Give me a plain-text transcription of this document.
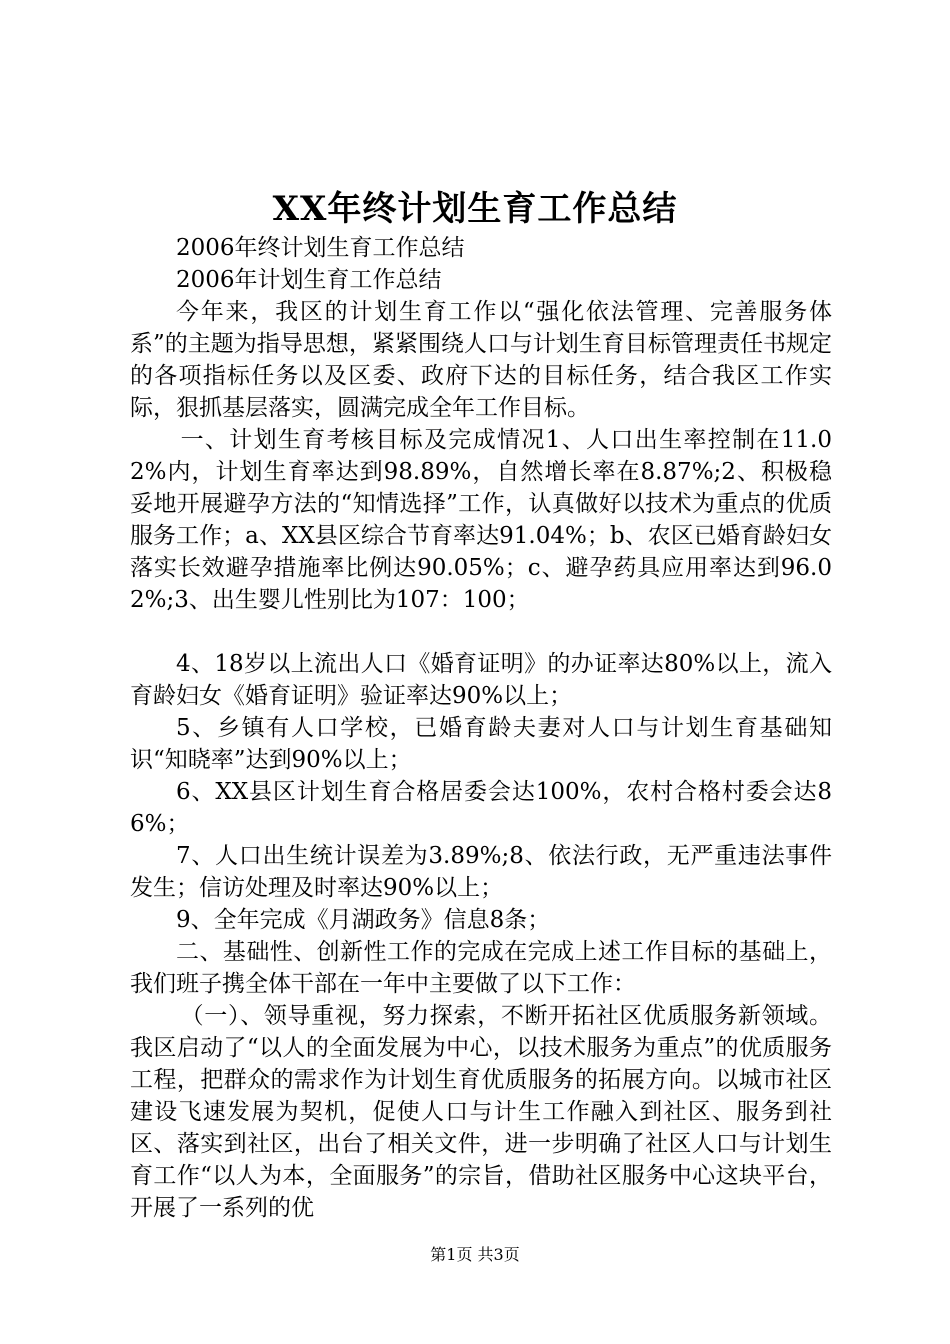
XX年终计划生育工作总结

2006年终计划生育工作总结

2006年计划生育工作总结

今年来，我区的计划生育工作以“强化依法管理、完善服务体系”的主题为指导思想，紧紧围绕人口与计划生育目标管理责任书规定的各项指标任务以及区委、政府下达的目标任务，结合我区工作实际，狠抓基层落实，圆满完成全年工作目标。

一、计划生育考核目标及完成情况1、人口出生率控制在11.02%内，计划生育率达到98.89%，自然增长率在8.87%;2、积极稳妥地开展避孕方法的“知情选择”工作，认真做好以技术为重点的优质服务工作；a、XX县区综合节育率达91.04%；b、农区已婚育龄妇女落实长效避孕措施率比例达90.05%；c、避孕药具应用率达到96.02%;3、出生婴儿性别比为107：100；

4、18岁以上流出人口《婚育证明》的办证率达80%以上，流入育龄妇女《婚育证明》验证率达90%以上；

5、乡镇有人口学校，已婚育龄夫妻对人口与计划生育基础知识“知晓率”达到90%以上；

6、XX县区计划生育合格居委会达100%，农村合格村委会达86%；

7、人口出生统计误差为3.89%;8、依法行政，无严重违法事件发生；信访处理及时率达90%以上；

9、全年完成《月湖政务》信息8条；

二、基础性、创新性工作的完成在完成上述工作目标的基础上，我们班子携全体干部在一年中主要做了以下工作：

（一）、领导重视，努力探索，不断开拓社区优质服务新领域。我区启动了“以人的全面发展为中心，以技术服务为重点”的优质服务工程，把群众的需求作为计划生育优质服务的拓展方向。以城市社区建设飞速发展为契机，促使人口与计生工作融入到社区、服务到社区、落实到社区，出台了相关文件，进一步明确了社区人口与计划生育工作“以人为本，全面服务”的宗旨，借助社区服务中心这块平台，开展了一系列的优

第1页 共3页
